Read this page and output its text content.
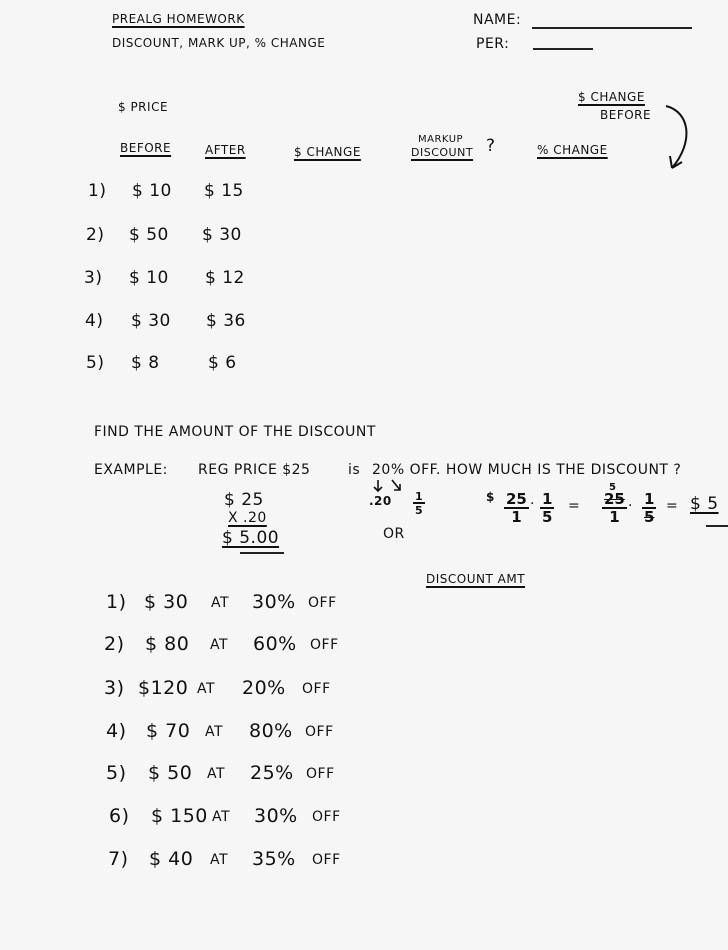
PREALG HOMEWORK
DISCOUNT, MARK UP, % CHANGE
NAME:
PER:
$ PRICE
$ CHANGE
BEFORE
BEFORE	AFTER	$ CHANGE
MARKUP
DISCOUNT ?	% CHANGE
1) $ 10 $ 15
2) $ 50 $ 30
3) $ 10 $ 12
4) $ 30 $ 36
5) $ 8	$ 6
FIND THE AMOUNT OF THE DISCOUNT
EXAMPLE: REG PRICE $25	is 20% OFF. HOW MUCH IS THE DISCOUNT ?
$ 25
X .20
$ 5.00
$.20 \frac{1}{5}$
OR
$ $\frac{25}{1} \cdot \frac{1}{5}$ =
5
$\frac{25}{1} \cdot \frac{1}{5}$ = $ 5
DISCOUNT AMT
1) $ 30 AT 30% OFF
2) $ 80 AT 60% OFF
3) $120 AT 20% OFF
4) $ 70 AT 80% OFF
5) $ 50 AT 25% OFF
6) $ 150 AT 30% OFF
7) $ 40 AT 35% OFF
